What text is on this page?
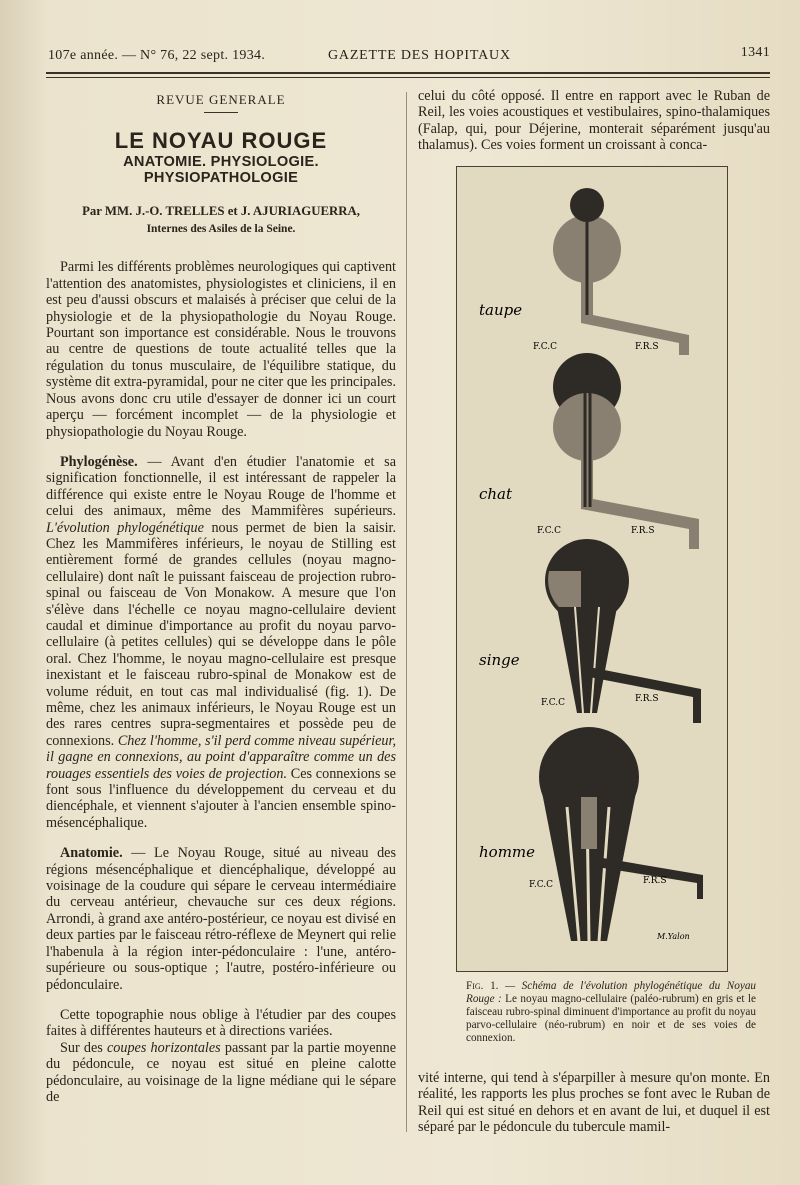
107e année. — N° 76, 22 sept. 1934.	GAZETTE DES HOPITAUX	1341
REVUE GENERALE
LE NOYAU ROUGE
ANATOMIE. PHYSIOLOGIE. PHYSIOPATHOLOGIE
Par MM. J.-O. TRELLES et J. AJURIAGUERRA,
Internes des Asiles de la Seine.

Parmi les différents problèmes neurologiques qui captivent l'attention des anatomistes, physiologistes et cliniciens, il en est peu d'aussi obscurs et malaisés à préciser que celui de la physiologie et de la physiopathologie du Noyau Rouge. Pourtant son importance est considérable. Nous le trouvons au centre de questions de toute actualité telles que la régulation du tonus musculaire, de l'équilibre statique, du système dit extra-pyramidal, pour ne citer que les principales. Nous avons donc cru utile d'essayer de donner ici un court aperçu — forcément incomplet — de la physiologie et physiopathologie du Noyau Rouge.

Phylogénèse. — Avant d'en étudier l'anatomie et sa signification fonctionnelle, il est intéressant de rappeler la différence qui existe entre le Noyau Rouge de l'homme et celui des animaux, même des Mammifères supérieurs. L'évolution phylogénétique nous permet de bien la saisir. Chez les Mammifères inférieurs, le noyau de Stilling est entièrement formé de grandes cellules (noyau magno-cellulaire) dont naît le puissant faisceau de projection rubro-spinal ou faisceau de Von Monakow. A mesure que l'on s'élève dans l'échelle ce noyau magno-cellulaire devient caudal et diminue d'importance au profit du noyau parvo-cellulaire (à petites cellules) qui se développe dans le pôle oral. Chez l'homme, le noyau magno-cellulaire est presque inexistant et le faisceau rubro-spinal de Monakow est de volume réduit, en tout cas mal individualisé (fig. 1). De même, chez les animaux inférieurs, le Noyau Rouge est un des rares centres supra-segmentaires et possède peu de connexions. Chez l'homme, s'il perd comme niveau supérieur, il gagne en connexions, au point d'apparaître comme un des rouages essentiels des voies de projection. Ces connexions se font sous l'influence du développement du cerveau et du diencéphale, et viennent s'ajouter à l'ancien ensemble spino-mésencéphalique.

Anatomie. — Le Noyau Rouge, situé au niveau des régions mésencéphalique et diencéphalique, développé au voisinage de la coudure qui sépare le cerveau intermédiaire du cerveau antérieur, chevauche sur ces deux régions. Arrondi, à grand axe antéro-postérieur, ce noyau est divisé en deux parties par le faisceau rétro-réflexe de Meynert qui relie l'habenula à la région inter-pédonculaire : l'une, antéro-supérieure ou sous-optique ; l'autre, postéro-inférieure ou pédonculaire.

Cette topographie nous oblige à l'étudier par des coupes faites à différentes hauteurs et à directions variées.

Sur des coupes horizontales passant par la partie moyenne du pédoncule, ce noyau est situé en pleine calotte pédonculaire, au voisinage de la ligne médiane qui le sépare de

celui du côté opposé. Il entre en rapport avec le Ruban de Reil, les voies acoustiques et vestibulaires, spino-thalamiques (Falap, qui, pour Déjerine, monterait séparément jusqu'au thalamus). Ces voies forment un croissant à conca-

taupe
F.C.C	F.R.S
chat
F.C.C	F.R.S
singe
F.C.C	F.R.S
homme
F.C.C	F.R.S
M.Yalon
Fig. 1. — Schéma de l'évolution phylogénétique du Noyau Rouge : Le noyau magno-cellulaire (paléo-rubrum) en gris et le faisceau rubro-spinal diminuent d'importance au profit du noyau parvo-cellulaire (néo-rubrum) en noir et de ses voies de connexion.

vité interne, qui tend à s'éparpiller à mesure qu'on monte. En réalité, les rapports les plus proches se font avec le Ruban de Reil qui est situé en dehors et en avant de lui, et duquel il est séparé par le pédoncule du tubercule mamil-
